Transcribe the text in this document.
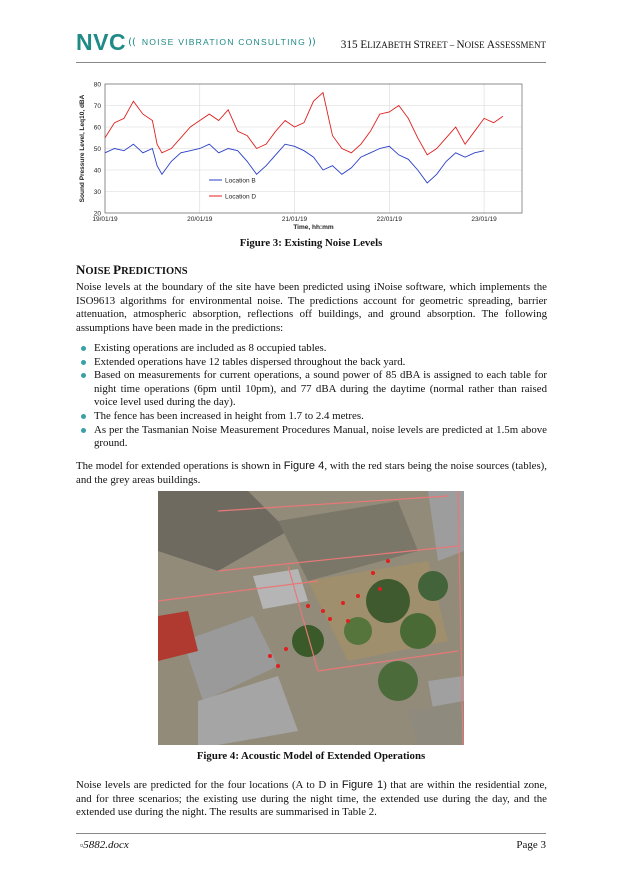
NVC (( NOISE VIBRATION CONSULTING )) 315 ELIZABETH STREET – NOISE ASSESSMENT
20
30
40
50
60
70
80
19/01/19	20/01/19	21/01/19	22/01/19	23/01/19
Location B
Location D
Time, hh:mm
Sound Pressure Level, Leq10, dBA
Figure 3: Existing Noise Levels
NOISE PREDICTIONS
Noise levels at the boundary of the site have been predicted using iNoise software, which implements the ISO9613 algorithms for environmental noise. The predictions account for geometric spreading, barrier attenuation, atmospheric absorption, reflections off buildings, and ground absorption. The following assumptions have been made in the predictions:
Existing operations are included as 8 occupied tables.
Extended operations have 12 tables dispersed throughout the back yard.
Based on measurements for current operations, a sound power of 85 dBA is assigned to each table for night time operations (6pm until 10pm), and 77 dBA during the daytime (normal rather than raised voice level used during the day).
The fence has been increased in height from 1.7 to 2.4 metres.
As per the Tasmanian Noise Measurement Procedures Manual, noise levels are predicted at 1.5m above ground.
The model for extended operations is shown in Figure 4, with the red stars being the noise sources (tables), and the grey areas buildings.
Figure 4: Acoustic Model of Extended Operations
Noise levels are predicted for the four locations (A to D in Figure 1) that are within the residential zone, and for three scenarios; the existing use during the night time, the extended use during the day, and the extended use during the night. The results are summarised in Table 2.
▫5882.docx	Page 3
